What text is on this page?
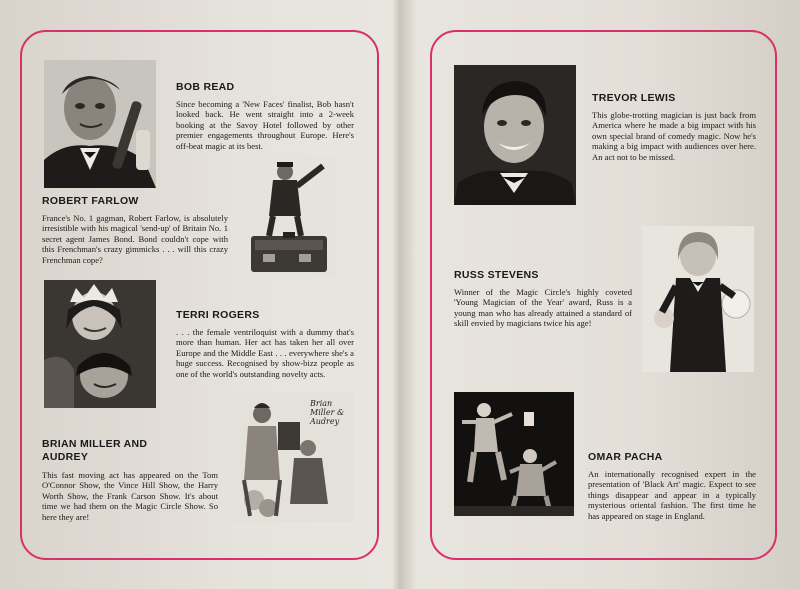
BOB READ
Since becoming a 'New Faces' finalist, Bob hasn't looked back. He went straight into a 2-week booking at the Savoy Hotel followed by other premier engagements throughout Europe. Here's off-beat magic at its best.
ROBERT FARLOW
France's No. 1 gagman, Robert Farlow, is absolutely irresistible with his magical 'send-up' of Britain No. 1 secret agent James Bond. Bond couldn't cope with this Frenchman's crazy gimmicks . . . will this crazy Frenchman cope?
TERRI ROGERS
. . . the female ventriloquist with a dummy that's more than human. Her act has taken her all over Europe and the Middle East . . . everywhere she's a huge success. Recognised by show-bizz people as one of the world's outstanding novelty acts.
Brian Miller & Audrey
BRIAN MILLER AND AUDREY
This fast moving act has appeared on the Tom O'Connor Show, the Vince Hill Show, the Harry Worth Show, the Frank Carson Show. It's about time we had them on the Magic Circle Show. So here they are!
TREVOR LEWIS
This globe-trotting magician is just back from America where he made a big impact with his own special brand of comedy magic. Now he's making a big impact with audiences over here. An act not to be missed.
RUSS STEVENS
Winner of the Magic Circle's highly coveted 'Young Magician of the Year' award, Russ is a young man who has already attained a standard of skill envied by magicians twice his age!
OMAR PACHA
An internationally recognised expert in the presentation of 'Black Art' magic. Expect to see things disappear and appear in a typically mysterious oriental fashion. The first time he has appeared on stage in England.
